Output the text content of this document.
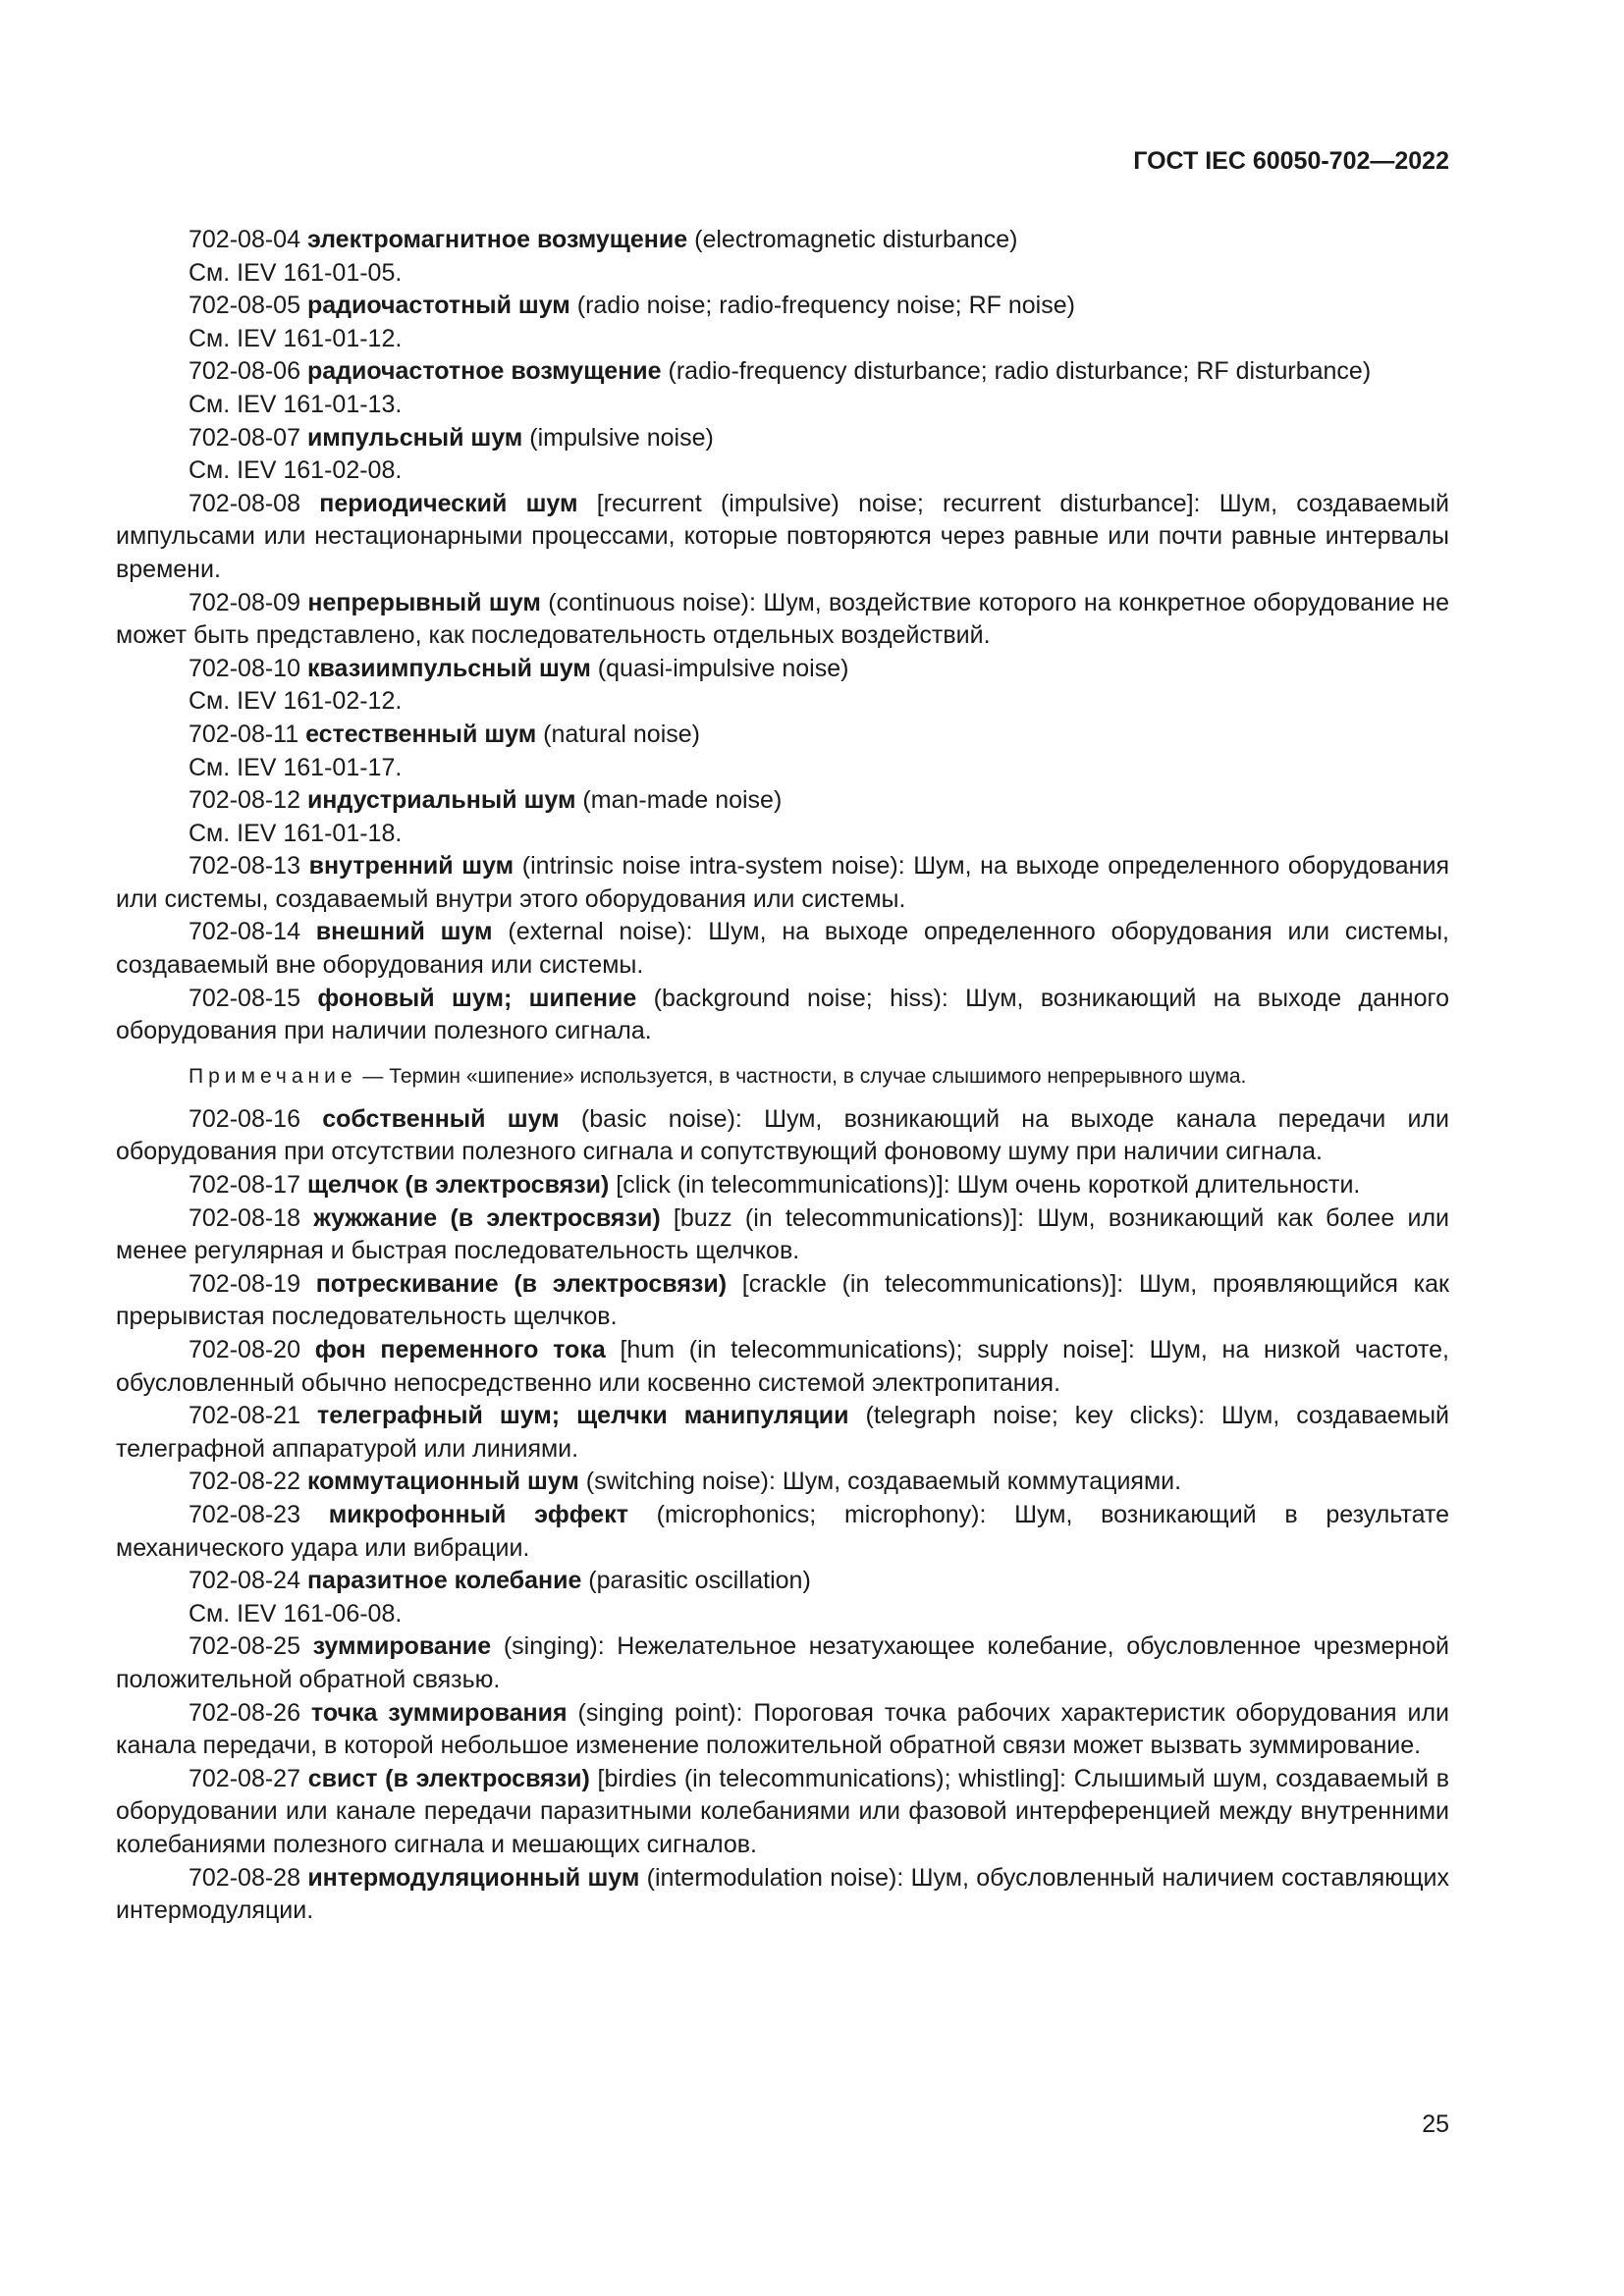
ГОСТ IEC 60050-702—2022

702-08-04 электромагнитное возмущение (electromagnetic disturbance)

См. IEV 161-01-05.

702-08-05 радиочастотный шум (radio noise; radio-frequency noise; RF noise)

См. IEV 161-01-12.

702-08-06 радиочастотное возмущение (radio-frequency disturbance; radio disturbance; RF disturbance)

См. IEV 161-01-13.

702-08-07 импульсный шум (impulsive noise)

См. IEV 161-02-08.

702-08-08 периодический шум [recurrent (impulsive) noise; recurrent disturbance]: Шум, создаваемый импульсами или нестационарными процессами, которые повторяются через равные или почти равные интервалы времени.

702-08-09 непрерывный шум (continuous noise): Шум, воздействие которого на конкретное оборудование не может быть представлено, как последовательность отдельных воздействий.

702-08-10 квазиимпульсный шум (quasi-impulsive noise)

См. IEV 161-02-12.

702-08-11 естественный шум (natural noise)

См. IEV 161-01-17.

702-08-12 индустриальный шум (man-made noise)

См. IEV 161-01-18.

702-08-13 внутренний шум (intrinsic noise intra-system noise): Шум, на выходе определенного оборудования или системы, создаваемый внутри этого оборудования или системы.

702-08-14 внешний шум (external noise): Шум, на выходе определенного оборудования или системы, создаваемый вне оборудования или системы.

702-08-15 фоновый шум; шипение (background noise; hiss): Шум, возникающий на выходе данного оборудования при наличии полезного сигнала.

Примечание — Термин «шипение» используется, в частности, в случае слышимого непрерывного шума.

702-08-16 собственный шум (basic noise): Шум, возникающий на выходе канала передачи или оборудования при отсутствии полезного сигнала и сопутствующий фоновому шуму при наличии сигнала.

702-08-17 щелчок (в электросвязи) [click (in telecommunications)]: Шум очень короткой длительности.

702-08-18 жужжание (в электросвязи) [buzz (in telecommunications)]: Шум, возникающий как более или менее регулярная и быстрая последовательность щелчков.

702-08-19 потрескивание (в электросвязи) [crackle (in telecommunications)]: Шум, проявляющийся как прерывистая последовательность щелчков.

702-08-20 фон переменного тока [hum (in telecommunications); supply noise]: Шум, на низкой частоте, обусловленный обычно непосредственно или косвенно системой электропитания.

702-08-21 телеграфный шум; щелчки манипуляции (telegraph noise; key clicks): Шум, создаваемый телеграфной аппаратурой или линиями.

702-08-22 коммутационный шум (switching noise): Шум, создаваемый коммутациями.

702-08-23 микрофонный эффект (microphonics; microphony): Шум, возникающий в результате механического удара или вибрации.

702-08-24 паразитное колебание (parasitic oscillation)

См. IEV 161-06-08.

702-08-25 зуммирование (singing): Нежелательное незатухающее колебание, обусловленное чрезмерной положительной обратной связью.

702-08-26 точка зуммирования (singing point): Пороговая точка рабочих характеристик оборудования или канала передачи, в которой небольшое изменение положительной обратной связи может вызвать зуммирование.

702-08-27 свист (в электросвязи) [birdies (in telecommunications); whistling]: Слышимый шум, создаваемый в оборудовании или канале передачи паразитными колебаниями или фазовой интерференцией между внутренними колебаниями полезного сигнала и мешающих сигналов.

702-08-28 интермодуляционный шум (intermodulation noise): Шум, обусловленный наличием составляющих интермодуляции.

25
